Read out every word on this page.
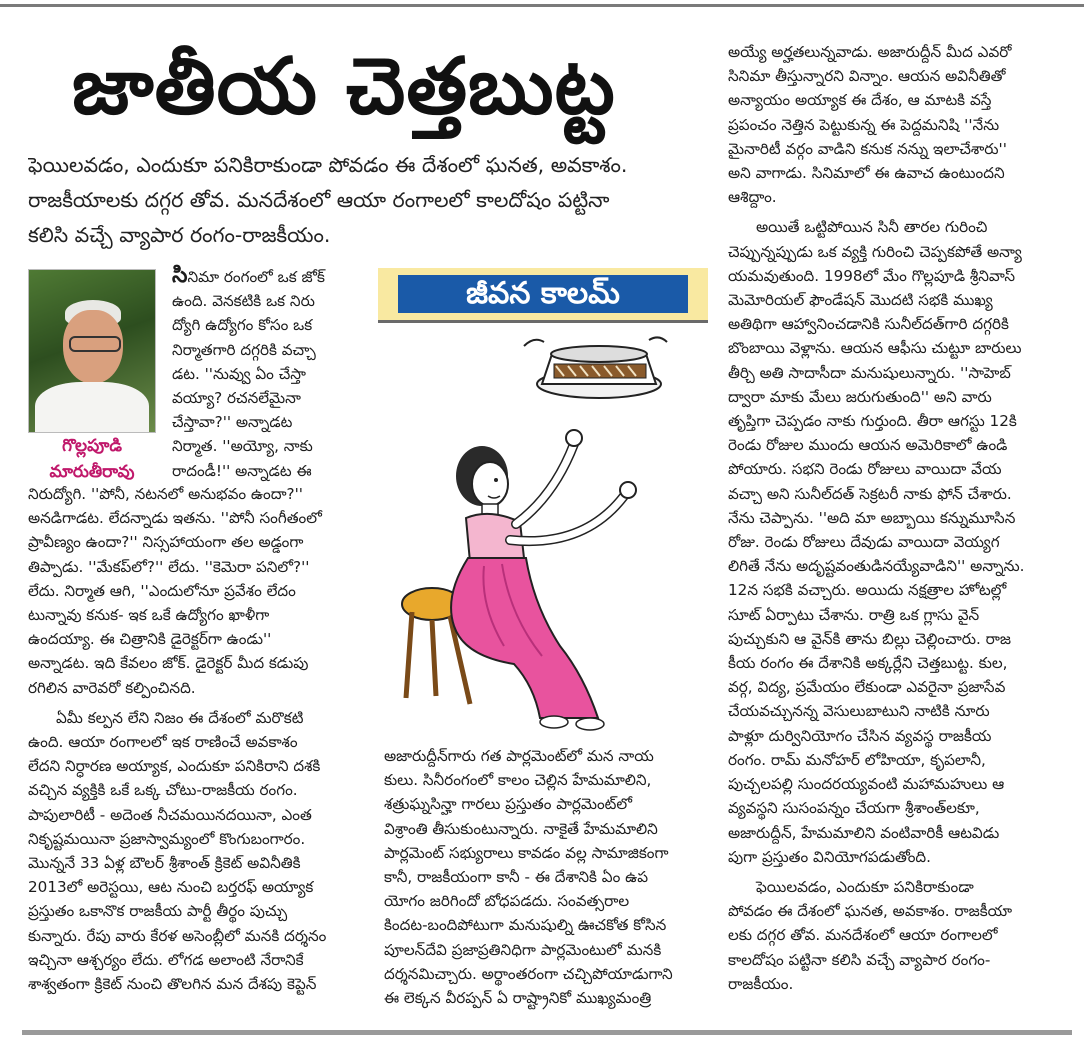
జాతీయ చెత్తబుట్ట
ఫెయిలవడం, ఎందుకూ పనికిరాకుండా పోవడం ఈ దేశంలో ఘనత, అవకాశం.
రాజకీయాలకు దగ్గర తోవ. మనదేశంలో ఆయా రంగాలలో కాలదోషం పట్టినా
కలిసి వచ్చే వ్యాపార రంగం-రాజకీయం.
గొల్లపూడి
మారుతీరావు
సినిమా రంగంలో ఒక జోక్
ఉంది. వెనకటికి ఒక నిరు
ద్యోగి ఉద్యోగం కోసం ఒక
నిర్మాతగారి దగ్గరికి వచ్చా
డట. ''నువ్వు ఏం చేస్తా
వయ్యా? రచనలేమైనా
చేస్తావా?'' అన్నాడట
నిర్మాత. ''అయ్యో, నాకు
రాదండీ!'' అన్నాడట ఈ
నిరుద్యోగి. ''పోనీ, నటనలో అనుభవం ఉందా?''
అనడిగాడట. లేదన్నాడు ఇతను. ''పోనీ సంగీతంలో
ప్రావీణ్యం ఉందా?'' నిస్సహాయంగా తల అడ్డంగా
తిప్పాడు. ''మేకప్‌లో?'' లేదు. ''కెమెరా పనిలో?''
లేదు. నిర్మాత ఆగి, ''ఎందులోనూ ప్రవేశం లేదం
టున్నావు కనుక- ఇక ఒకే ఉద్యోగం ఖాళీగా
ఉందయ్యా. ఈ చిత్రానికి డైరెక్టర్‌గా ఉండు''
అన్నాడట. ఇది కేవలం జోక్. డైరెక్టర్ మీద కడుపు
రగిలిన వారెవరో కల్పించినది.
ఏమీ కల్పన లేని నిజం ఈ దేశంలో మరొకటి
ఉంది. ఆయా రంగాలలో ఇక రాణించే అవకాశం
లేదని నిర్ధారణ అయ్యాక, ఎందుకూ పనికిరాని దశకి
వచ్చిన వ్యక్తికి ఒకే ఒక్క చోటు-రాజకీయ రంగం.
పాపులారిటీ - అదెంత నీచమయినదయినా, ఎంత
నికృష్టమయినా ప్రజాస్వామ్యంలో కొంగుబంగారం.
మొన్ననే 33 ఏళ్ల బౌలర్ శ్రీశాంత్ క్రికెట్ అవినీతికి
2013లో అరెస్టయి, ఆట నుంచి బర్తరఫ్ అయ్యాక
ప్రస్తుతం ఒకానొక రాజకీయ పార్టీ తీర్థం పుచ్చు
కున్నారు. రేపు వారు కేరళ అసెంబ్లీలో మనకి దర్శనం
ఇచ్చినా ఆశ్చర్యం లేదు. లోగడ అలాంటి నేరానికే
శాశ్వతంగా క్రికెట్ నుంచి తొలగిన మన దేశపు కెప్టెన్
జీవన కాలమ్
అజారుద్దీన్‌గారు గత పార్లమెంట్‌లో మన నాయ
కులు. సినీరంగంలో కాలం చెల్లిన హేమమాలిని,
శత్రుఘ్నసిన్హా గారలు ప్రస్తుతం పార్లమెంట్‌లో
విశ్రాంతి తీసుకుంటున్నారు. నాకైతే హేమమాలిని
పార్లమెంట్ సభ్యురాలు కావడం వల్ల సామాజికంగా
కానీ, రాజకీయంగా కానీ - ఈ దేశానికి ఏం ఉప
యోగం జరిగిందో బోధపడదు. సంవత్సరాల
కిందట-బందిపోటుగా మనుషుల్ని ఊచకోత కోసిన
పూలన్‌దేవి ప్రజాప్రతినిధిగా పార్లమెంటులో మనకి
దర్శనమిచ్చారు. అర్థాంతరంగా చచ్చిపోయాడుగాని
ఈ లెక్కన వీరప్పన్ ఏ రాష్ట్రానికో ముఖ్యమంత్రి
అయ్యే అర్హతలున్నవాడు. అజారుద్దీన్ మీద ఎవరో
సినిమా తీస్తున్నారని విన్నాం. ఆయన అవినీతితో
అన్యాయం అయ్యాక ఈ దేశం, ఆ మాటకి వస్తే
ప్రపంచం నెత్తిన పెట్టుకున్న ఈ పెద్దమనిషి ''నేను
మైనారిటీ వర్గం వాడిని కనుక నన్ను ఇలాచేశారు''
అని వాగాడు. సినిమాలో ఈ ఉవాచ ఉంటుందని
ఆశిద్దాం.
అయితే ఒట్టిపోయిన సినీ తారల గురించి
చెప్పున్నప్పుడు ఒక వ్యక్తి గురించి చెప్పకపోతే అన్యా
యమవుతుంది. 1998లో మేం గొల్లపూడి శ్రీనివాస్
మెమోరియల్ ఫౌండేషన్ మొదటి సభకి ముఖ్య
అతిథిగా ఆహ్వానించడానికి సునీల్‌దత్‌గారి దగ్గరికి
బొంబాయి వెళ్లాను. ఆయన ఆఫీసు చుట్టూ బారులు
తీర్చి అతి సాదాసీదా మనుషులున్నారు. ''సాహెబ్
ద్వారా మాకు మేలు జరుగుతుంది'' అని వారు
తృప్తిగా చెప్పడం నాకు గుర్తుంది. తీరా ఆగస్టు 12కి
రెండు రోజుల ముందు ఆయన అమెరికాలో ఉండి
పోయారు. సభని రెండు రోజులు వాయిదా వేయ
వచ్చా అని సునీల్‌దత్ సెక్రటరీ నాకు ఫోన్ చేశారు.
నేను చెప్పాను. ''అది మా అబ్బాయి కన్నుమూసిన
రోజు. రెండు రోజులు దేవుడు వాయిదా వెయ్యగ
లిగితే నేను అదృష్టవంతుడినయ్యేవాడిని'' అన్నాను.
12న సభకి వచ్చారు. అయిదు నక్షత్రాల హోటల్లో
సూట్ ఏర్పాటు చేశాను. రాత్రి ఒక గ్లాసు వైన్
పుచ్చుకుని ఆ వైన్‌కి తాను బిల్లు చెల్లించారు. రాజ
కీయ రంగం ఈ దేశానికి అక్కర్లేని చెత్తబుట్ట. కుల,
వర్గ, విద్య, ప్రమేయం లేకుండా ఎవరైనా ప్రజాసేవ
చేయవచ్చునన్న వెసులుబాటుని నాటికి నూరు
పాళ్లూ దుర్వినియోగం చేసిన వ్యవస్థ రాజకీయ
రంగం. రామ్ మనోహర్ లోహియా, కృపలానీ,
పుచ్చలపల్లి సుందరయ్యవంటి మహామహులు ఆ
వ్యవస్థని సుసంపన్నం చేయగా శ్రీశాంత్‌లకూ,
అజారుద్దీన్, హేమమాలిని వంటివారికీ ఆటవిడు
పుగా ప్రస్తుతం వినియోగపడుతోంది.
ఫెయిలవడం, ఎందుకూ పనికిరాకుండా
పోవడం ఈ దేశంలో ఘనత, అవకాశం. రాజకీయా
లకు దగ్గర తోవ. మనదేశంలో ఆయా రంగాలలో
కాలదోషం పట్టినా కలిసి వచ్చే వ్యాపార రంగం-
రాజకీయం.
